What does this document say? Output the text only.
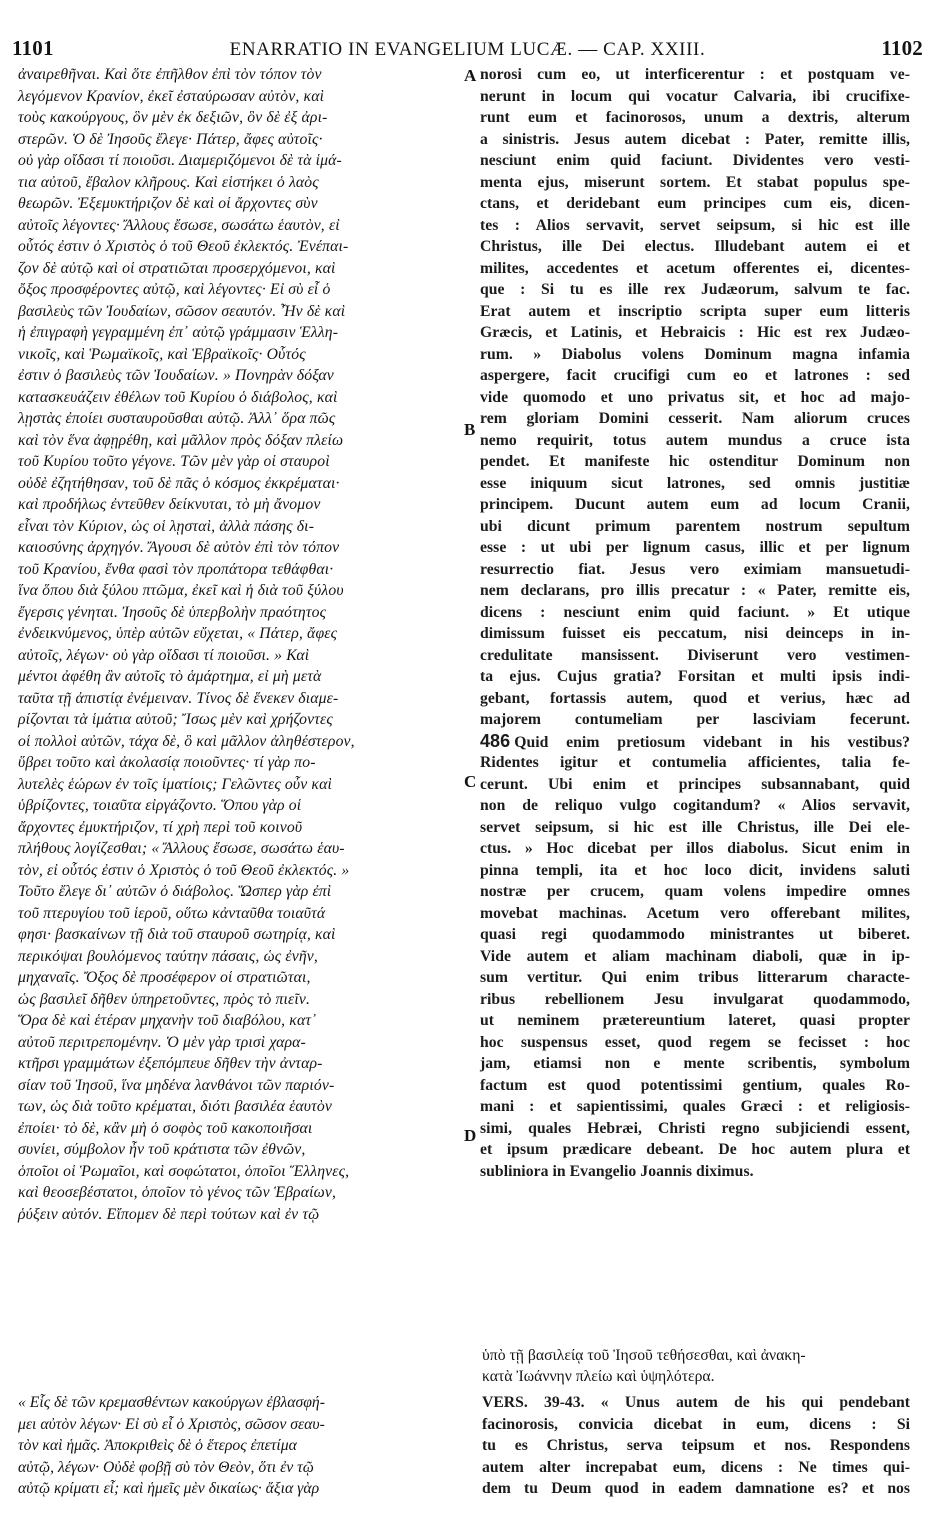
1101	ENARRATIO IN EVANGELIUM LUCÆ. — CAP. XXIII.	1102
ἀναιρεθῆναι. Καὶ ὅτε ἐπῆλθον ἐπὶ τὸν τόπον τὸν
λεγόμενον Κρανίον, ἐκεῖ ἐσταύρωσαν αὐτὸν, καὶ
τοὺς κακούργους, ὃν μὲν ἐκ δεξιῶν, ὃν δὲ ἐξ ἀρι-
στερῶν. Ὁ δὲ Ἰησοῦς ἔλεγε· Πάτερ, ἄφες αὐτοῖς·
οὐ γὰρ οἴδασι τί ποιοῦσι. Διαμεριζόμενοι δὲ τὰ ἱμά-
τια αὐτοῦ, ἔβαλον κλῆρους. Καὶ εἱστήκει ὁ λαὸς
θεωρῶν. Ἐξεμυκτήριζον δὲ καὶ οἱ ἄρχοντες σὺν
αὐτοῖς λέγοντες· Ἄλλους ἔσωσε, σωσάτω ἑαυτὸν, εἰ
οὗτός ἐστιν ὁ Χριστὸς ὁ τοῦ Θεοῦ ἐκλεκτός. Ἐνέπαι-
ζον δὲ αὐτῷ καὶ οἱ στρατιῶται προσερχόμενοι, καὶ
ὄξος προσφέροντες αὐτῷ, καὶ λέγοντες· Εἰ σὺ εἶ ὁ
βασιλεὺς τῶν Ἰουδαίων, σῶσον σεαυτόν. Ἦν δὲ καὶ
ἡ ἐπιγραφὴ γεγραμμένη ἐπ᾿ αὐτῷ γράμμασιν Ἑλλη-
νικοῖς, καὶ Ῥωμαϊκοῖς, καὶ Ἑβραϊκοῖς· Οὗτός
ἐστιν ὁ βασιλεὺς τῶν Ἰουδαίων. » Πονηρὰν δόξαν
κατασκευάζειν ἐθέλων τοῦ Κυρίου ὁ διάβολος, καὶ
λῃστὰς ἐποίει συσταυροῦσθαι αὐτῷ. Ἀλλ᾿ ὅρα πῶς
καὶ τὸν ἕνα ἀφῃρέθη, καὶ μᾶλλον πρὸς δόξαν πλείω
τοῦ Κυρίου τοῦτο γέγονε. Τῶν μὲν γὰρ οἱ σταυροὶ
οὐδὲ ἐζητήθησαν, τοῦ δὲ πᾶς ὁ κόσμος ἐκκρέμαται·
καὶ προδήλως ἐντεῦθεν δείκνυται, τὸ μὴ ἄνομον
εἶναι τὸν Κύριον, ὡς οἱ λῃσταὶ, ἀλλὰ πάσης δι-
καιοσύνης ἀρχηγόν. Ἄγουσι δὲ αὐτὸν ἐπὶ τὸν τόπον
τοῦ Κρανίου, ἔνθα φασὶ τὸν προπάτορα τεθάφθαι·
ἵνα ὅπου διὰ ξύλου πτῶμα, ἐκεῖ καὶ ἡ διὰ τοῦ ξύλου
ἔγερσις γένηται. Ἰησοῦς δὲ ὑπερβολὴν πραότητος
ἐνδεικνύμενος, ὑπὲρ αὐτῶν εὔχεται, « Πάτερ, ἄφες
αὐτοῖς, λέγων· οὐ γὰρ οἴδασι τί ποιοῦσι. » Καὶ
μέντοι ἀφέθη ἂν αὐτοῖς τὸ ἁμάρτημα, εἰ μὴ μετὰ
ταῦτα τῇ ἀπιστίᾳ ἐνέμειναν. Τίνος δὲ ἕνεκεν διαμε-
ρίζονται τὰ ἱμάτια αὐτοῦ; Ἴσως μὲν καὶ χρήζοντες
οἱ πολλοὶ αὐτῶν, τάχα δὲ, ὃ καὶ μᾶλλον ἀληθέστερον,
ὕβρει τοῦτο καὶ ἀκολασίᾳ ποιοῦντες· τί γὰρ πο-
λυτελὲς ἑώρων ἐν τοῖς ἱματίοις; Γελῶντες οὖν καὶ
ὑβρίζοντες, τοιαῦτα εἰργάζοντο. Ὅπου γὰρ οἱ
ἄρχοντες ἐμυκτήριζον, τί χρὴ περὶ τοῦ κοινοῦ
πλήθους λογίζεσθαι; « Ἄλλους ἔσωσε, σωσάτω ἑαυ-
τὸν, εἰ οὗτός ἐστιν ὁ Χριστὸς ὁ τοῦ Θεοῦ ἐκλεκτός. »
Τοῦτο ἔλεγε δι᾿ αὐτῶν ὁ διάβολος. Ὥσπερ γὰρ ἐπὶ
τοῦ πτερυγίου τοῦ ἱεροῦ, οὕτω κἀνταῦθα τοιαῦτά
φησι· βασκαίνων τῇ διὰ τοῦ σταυροῦ σωτηρίᾳ, καὶ
περικόψαι βουλόμενος ταύτην πάσαις, ὡς ἐνῆν,
μηχαναῖς. Ὄξος δὲ προσέφερον οἱ στρατιῶται,
ὡς βασιλεῖ δῆθεν ὑπηρετοῦντες, πρὸς τὸ πιεῖν.
Ὅρα δὲ καὶ ἑτέραν μηχανὴν τοῦ διαβόλου, κατ᾿
αὐτοῦ περιτρεπομένην. Ὁ μὲν γὰρ τρισὶ χαρα-
κτῆρσι γραμμάτων ἐξεπόμπευε δῆθεν τὴν ἀνταρ-
σίαν τοῦ Ἰησοῦ, ἵνα μηδένα λανθάνοι τῶν παριόν-
των, ὡς διὰ τοῦτο κρέμαται, διότι βασιλέα ἑαυτὸν
ἐποίει· τὸ δὲ, κἂν μὴ ὁ σοφὸς τοῦ κακοποιῆσαι
συνίει, σύμβολον ἦν τοῦ κράτιστα τῶν ἐθνῶν,
ὁποῖοι οἱ Ῥωμαῖοι, καὶ σοφώτατοι, ὁποῖοι Ἕλληνες,
καὶ θεοσεβέστατοι, ὁποῖον τὸ γένος τῶν Ἑβραίων,
ῥύξειν αὐτόν. Εἴπομεν δὲ περὶ τούτων καὶ ἐν τῷ
norosi cum eo, ut interficerentur : et postquam ve-
nerunt in locum qui vocatur Calvaria, ibi crucifixe-
runt eum et facinorosos, unum a dextris, alterum
a sinistris. Jesus autem dicebat : Pater, remitte illis,
nesciunt enim quid faciunt. Dividentes vero vesti-
menta ejus, miserunt sortem. Et stabat populus spe-
ctans, et deridebant eum principes cum eis, dicen-
tes : Alios servavit, servet seipsum, si hic est ille
Christus, ille Dei electus. Illudebant autem ei et
milites, accedentes et acetum offerentes ei, dicentes-
que : Si tu es ille rex Judæorum, salvum te fac.
Erat autem et inscriptio scripta super eum litteris
Græcis, et Latinis, et Hebraicis : Hic est rex Judæo-
rum. » Diabolus volens Dominum magna infamia
aspergere, facit crucifigi cum eo et latrones : sed
vide quomodo et uno privatus sit, et hoc ad majo-
rem gloriam Domini cesserit. Nam aliorum cruces
nemo requirit, totus autem mundus a cruce ista
pendet. Et manifeste hic ostenditur Dominum non
esse iniquum sicut latrones, sed omnis justitiæ
principem. Ducunt autem eum ad locum Cranii,
ubi dicunt primum parentem nostrum sepultum
esse : ut ubi per lignum casus, illic et per lignum
resurrectio fiat. Jesus vero eximiam mansuetudi-
nem declarans, pro illis precatur : « Pater, remitte eis,
dicens : nesciunt enim quid faciunt. » Et utique
dimissum fuisset eis peccatum, nisi deinceps in in-
credulitate mansissent. Diviserunt vero vestimen-
ta ejus. Cujus gratia? Forsitan et multi ipsis indi-
gebant, fortassis autem, quod et verius, hæc ad
majorem contumeliam per lasciviam fecerunt.
486 Quid enim pretiosum videbant in his vestibus?
Ridentes igitur et contumelia afficientes, talia fe-
cerunt. Ubi enim et principes subsannabant, quid
non de reliquo vulgo cogitandum? « Alios servavit,
servet seipsum, si hic est ille Christus, ille Dei ele-
ctus. » Hoc dicebat per illos diabolus. Sicut enim in
pinna templi, ita et hoc loco dicit, invidens saluti
nostræ per crucem, quam volens impedire omnes
movebat machinas. Acetum vero offerebant milites,
quasi regi quodammodo ministrantes ut biberet.
Vide autem et aliam machinam diaboli, quæ in ip-
sum vertitur. Qui enim tribus litterarum characte-
ribus rebellionem Jesu invulgarat quodammodo,
ut neminem prætereuntium lateret, quasi propter
hoc suspensus esset, quod regem se fecisset : hoc
jam, etiamsi non e mente scribentis, symbolum
factum est quod potentissimi gentium, quales Ro-
mani : et sapientissimi, quales Græci : et religiosis-
simi, quales Hebræi, Christi regno subjiciendi essent,
et ipsum prædicare debeant. De hoc autem plura et
subliniora in Evangelio Joannis diximus.
A
B
C
D
ὑπὸ τῇ βασιλείᾳ τοῦ Ἰησοῦ τεθήσεσθαι, καὶ ἀνακη-
« Εἷς δὲ τῶν κρεμασθέντων κακούργων ἐβλασφή-
μει αὐτὸν λέγων· Εἰ σὺ εἶ ὁ Χριστὸς, σῶσον σεαυ-
τὸν καὶ ἡμᾶς. Ἀποκριθεὶς δὲ ὁ ἕτερος ἐπετίμα
αὐτῷ, λέγων· Οὐδὲ φοβῇ σὺ τὸν Θεὸν, ὅτι ἐν τῷ
αὐτῷ κρίματι εἶ; καὶ ἡμεῖς μὲν δικαίως· ἄξια γὰρ
VERS. 39-43. « Unus autem de his qui pendebant
facinorosis, convicia dicebat in eum, dicens : Si
tu es Christus, serva teipsum et nos. Respondens
autem alter increpabat eum, dicens : Ne times qui-
dem tu Deum quod in eadem damnatione es? et nos
κατὰ Ἰωάννην πλείω καὶ ὑψηλότερα.
